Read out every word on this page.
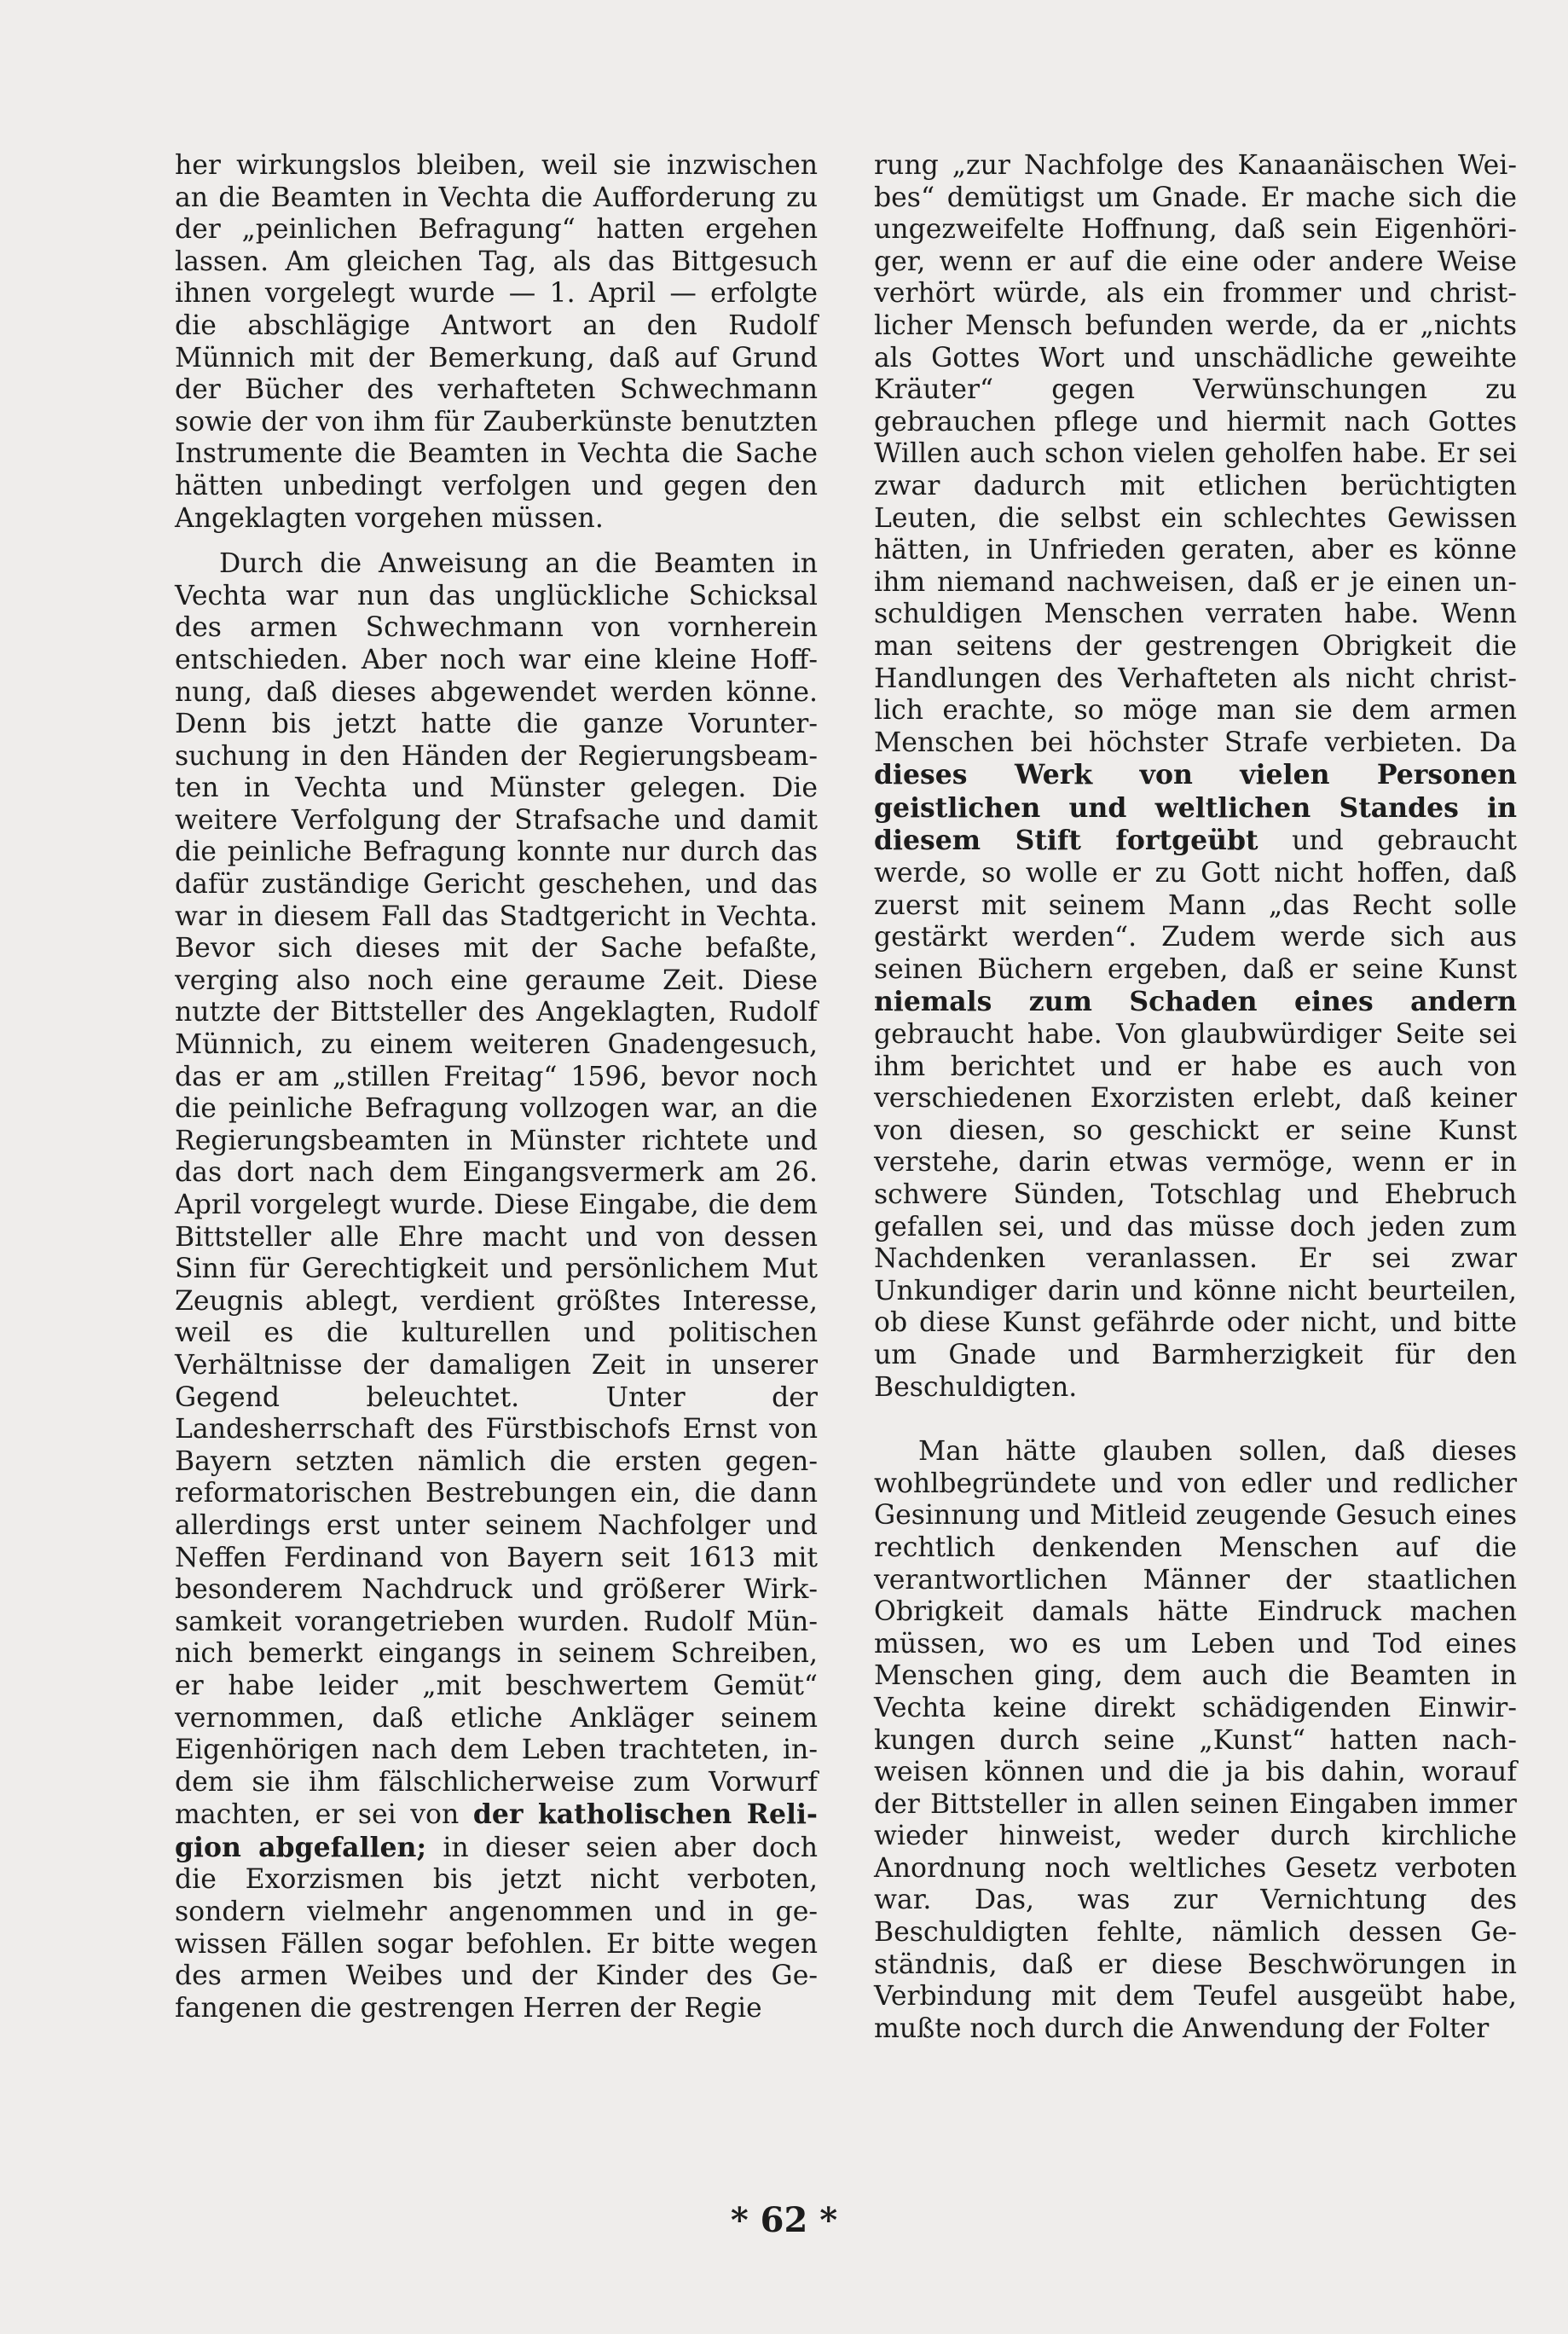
her wirkungslos bleiben, weil sie inzwischen an die Beamten in Vechta die Aufforderung zu der „peinlichen Befragung“ hatten ergehen lassen. Am gleichen Tag, als das Bittgesuch ihnen vorgelegt wurde — 1. April — erfolgte die abschlägige Antwort an den Rudolf Münnich mit der Bemerkung, daß auf Grund der Bücher des verhafteten Schwechmann sowie der von ihm für Zauberkünste benutzten Instrumente die Beamten in Vechta die Sache hätten unbedingt verfolgen und gegen den Angeklagten vorgehen müssen.

Durch die Anweisung an die Beamten in Vechta war nun das unglückliche Schicksal des armen Schwechmann von vornherein entschieden. Aber noch war eine kleine Hoffnung, daß dieses abgewendet werden könne. Denn bis jetzt hatte die ganze Voruntersuchung in den Händen der Regierungsbeamten in Vechta und Münster gelegen. Die weitere Verfolgung der Strafsache und damit die peinliche Befragung konnte nur durch das dafür zuständige Gericht geschehen, und das war in diesem Fall das Stadtgericht in Vechta. Bevor sich dieses mit der Sache befaßte, verging also noch eine geraume Zeit. Diese nutzte der Bittsteller des Angeklagten, Rudolf Münnich, zu einem weiteren Gnadengesuch, das er am „stillen Freitag“ 1596, bevor noch die peinliche Befragung vollzogen war, an die Regierungsbeamten in Münster richtete und das dort nach dem Eingangsvermerk am 26. April vorgelegt wurde. Diese Eingabe, die dem Bittsteller alle Ehre macht und von dessen Sinn für Gerechtigkeit und persönlichem Mut Zeugnis ablegt, verdient größtes Interesse, weil es die kulturellen und politischen Verhältnisse der damaligen Zeit in unserer Gegend beleuchtet. Unter der Landesherrschaft des Fürstbischofs Ernst von Bayern setzten nämlich die ersten gegenreformatorischen Bestrebungen ein, die dann allerdings erst unter seinem Nachfolger und Neffen Ferdinand von Bayern seit 1613 mit besonderem Nachdruck und größerer Wirksamkeit vorangetrieben wurden. Rudolf Münnich bemerkt eingangs in seinem Schreiben, er habe leider „mit beschwertem Gemüt“ vernommen, daß etliche Ankläger seinem Eigenhörigen nach dem Leben trachteten, indem sie ihm fälschlicherweise zum Vorwurf machten, er sei von der katholischen Religion abgefallen; in dieser seien aber doch die Exorzismen bis jetzt nicht verboten, sondern vielmehr angenommen und in gewissen Fällen sogar befohlen. Er bitte wegen des armen Weibes und der Kinder des Gefangenen die gestrengen Herren der Regie

rung „zur Nachfolge des Kanaanäischen Weibes“ demütigst um Gnade. Er mache sich die ungezweifelte Hoffnung, daß sein Eigenhöriger, wenn er auf die eine oder andere Weise verhört würde, als ein frommer und christlicher Mensch befunden werde, da er „nichts als Gottes Wort und unschädliche geweihte Kräuter“ gegen Verwünschungen zu gebrauchen pflege und hiermit nach Gottes Willen auch schon vielen geholfen habe. Er sei zwar dadurch mit etlichen berüchtigten Leuten, die selbst ein schlechtes Gewissen hätten, in Unfrieden geraten, aber es könne ihm niemand nachweisen, daß er je einen unschuldigen Menschen verraten habe. Wenn man seitens der gestrengen Obrigkeit die Handlungen des Verhafteten als nicht christlich erachte, so möge man sie dem armen Menschen bei höchster Strafe verbieten. Da dieses Werk von vielen Personen geistlichen und weltlichen Standes in diesem Stift fortgeübt und gebraucht werde, so wolle er zu Gott nicht hoffen, daß zuerst mit seinem Mann „das Recht solle gestärkt werden“. Zudem werde sich aus seinen Büchern ergeben, daß er seine Kunst niemals zum Schaden eines andern gebraucht habe. Von glaubwürdiger Seite sei ihm berichtet und er habe es auch von verschiedenen Exorzisten erlebt, daß keiner von diesen, so geschickt er seine Kunst verstehe, darin etwas vermöge, wenn er in schwere Sünden, Totschlag und Ehebruch gefallen sei, und das müsse doch jeden zum Nachdenken veranlassen. Er sei zwar Unkundiger darin und könne nicht beurteilen, ob diese Kunst gefährde oder nicht, und bitte um Gnade und Barmherzigkeit für den Beschuldigten.

Man hätte glauben sollen, daß dieses wohlbegründete und von edler und redlicher Gesinnung und Mitleid zeugende Gesuch eines rechtlich denkenden Menschen auf die verantwortlichen Männer der staatlichen Obrigkeit damals hätte Eindruck machen müssen, wo es um Leben und Tod eines Menschen ging, dem auch die Beamten in Vechta keine direkt schädigenden Einwirkungen durch seine „Kunst“ hatten nachweisen können und die ja bis dahin, worauf der Bittsteller in allen seinen Eingaben immer wieder hinweist, weder durch kirchliche Anordnung noch weltliches Gesetz verboten war. Das, was zur Vernichtung des Beschuldigten fehlte, nämlich dessen Geständnis, daß er diese Beschwörungen in Verbindung mit dem Teufel ausgeübt habe, mußte noch durch die Anwendung der Folter

* 62 *
